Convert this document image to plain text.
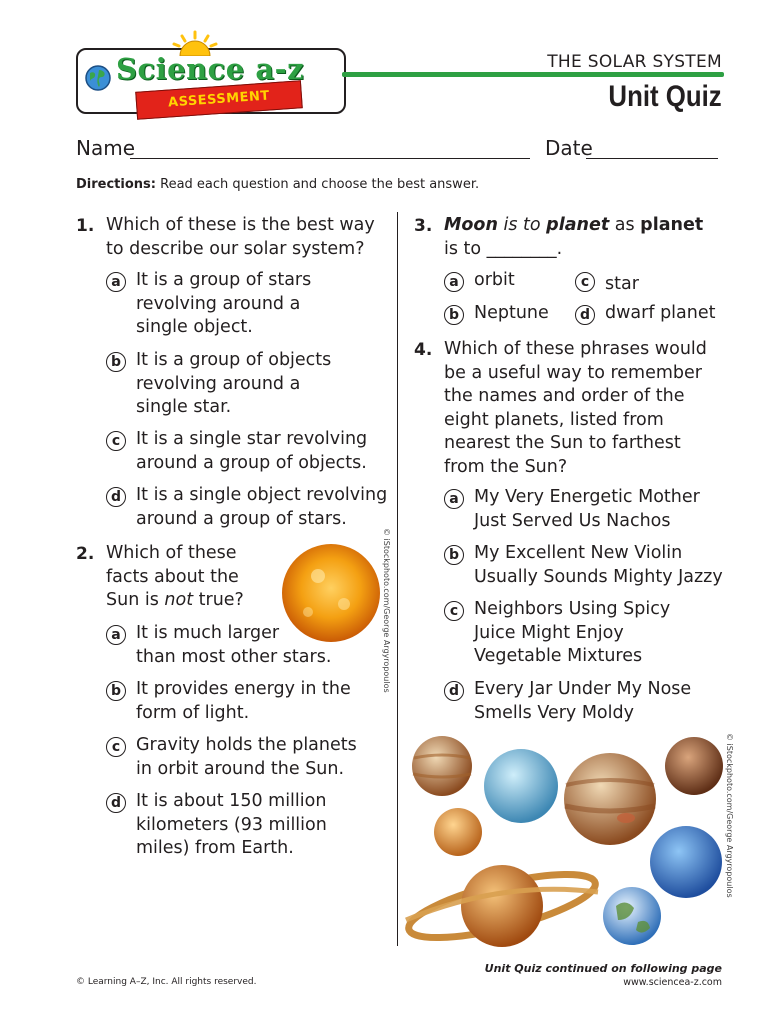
Science a-z
ASSESSMENT
THE SOLAR SYSTEM
Unit Quiz
Name	Date
Directions: Read each question and choose the best answer.
1. Which of these is the best way
to describe our solar system?
a It is a group of stars
revolving around a
single object.
b It is a group of objects
revolving around a
single star.
c It is a single star revolving
around a group of objects.
d It is a single object revolving
around a group of stars.
2. Which of these
facts about the
Sun is not true?	© iStockphoto.com/George Argyropoulos
a It is much larger
than most other stars.
b It provides energy in the
form of light.
c Gravity holds the planets
in orbit around the Sun.
d It is about 150 million
kilometers (93 million
miles) from Earth.
3. Moon is to planet as planet
is to ________.
a orbit
b Neptune
c star
d dwarf planet
4. Which of these phrases would
be a useful way to remember
the names and order of the
eight planets, listed from
nearest the Sun to farthest
from the Sun?
a My Very Energetic Mother
Just Served Us Nachos
b My Excellent New Violin
Usually Sounds Mighty Jazzy
c Neighbors Using Spicy
Juice Might Enjoy
Vegetable Mixtures
d Every Jar Under My Nose
Smells Very Moldy
© iStockphoto.com/George Argyropoulos
© Learning A–Z, Inc. All rights reserved.
Unit Quiz continued on following page
www.sciencea-z.com
